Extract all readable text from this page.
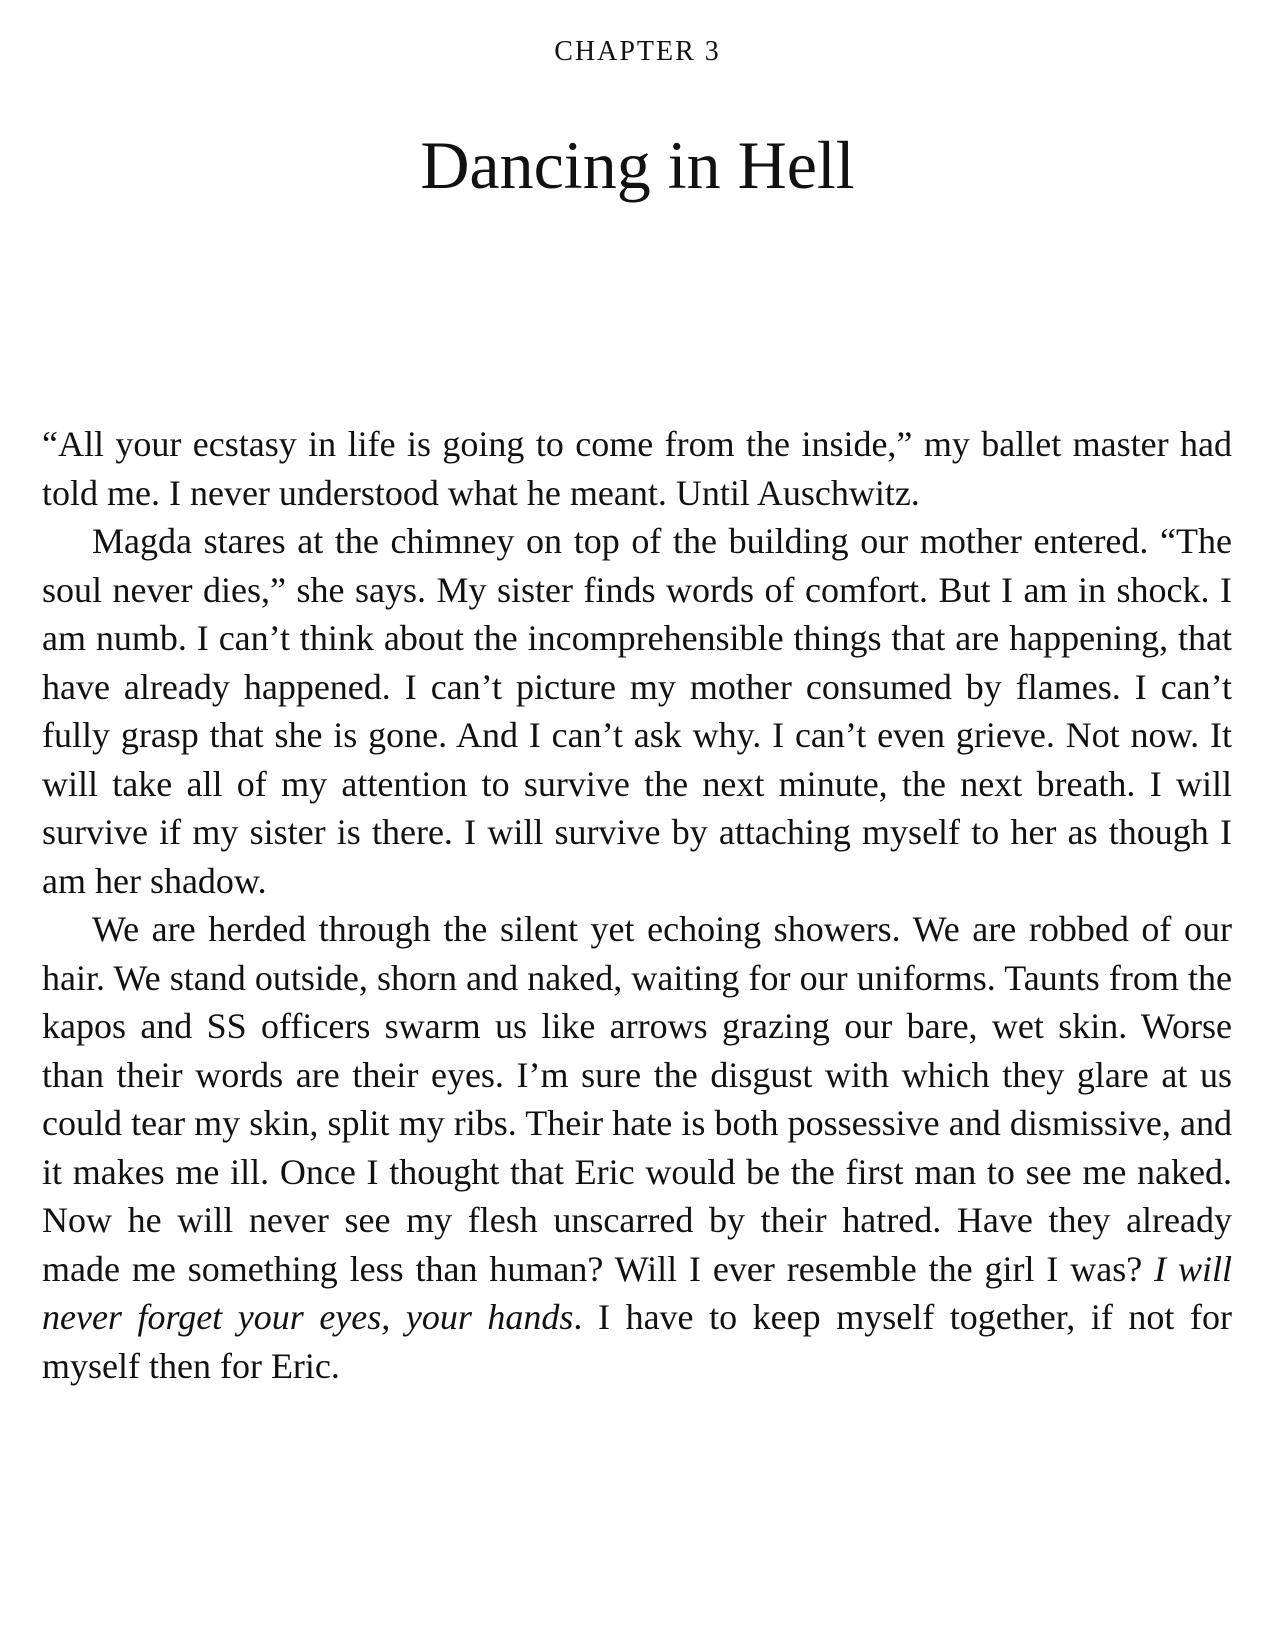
CHAPTER 3
Dancing in Hell

“All your ecstasy in life is going to come from the inside,” my ballet master had told me. I never understood what he meant. Until Auschwitz.

Magda stares at the chimney on top of the building our mother entered. “The soul never dies,” she says. My sister finds words of comfort. But I am in shock. I am numb. I can’t think about the incomprehensible things that are happening, that have already happened. I can’t picture my mother consumed by flames. I can’t fully grasp that she is gone. And I can’t ask why. I can’t even grieve. Not now. It will take all of my attention to survive the next minute, the next breath. I will survive if my sister is there. I will survive by attaching myself to her as though I am her shadow.

We are herded through the silent yet echoing showers. We are robbed of our hair. We stand outside, shorn and naked, waiting for our uniforms. Taunts from the kapos and SS officers swarm us like arrows grazing our bare, wet skin. Worse than their words are their eyes. I’m sure the disgust with which they glare at us could tear my skin, split my ribs. Their hate is both possessive and dismissive, and it makes me ill. Once I thought that Eric would be the first man to see me naked. Now he will never see my flesh unscarred by their hatred. Have they already made me something less than human? Will I ever resemble the girl I was? I will never forget your eyes, your hands. I have to keep myself together, if not for myself then for Eric.
